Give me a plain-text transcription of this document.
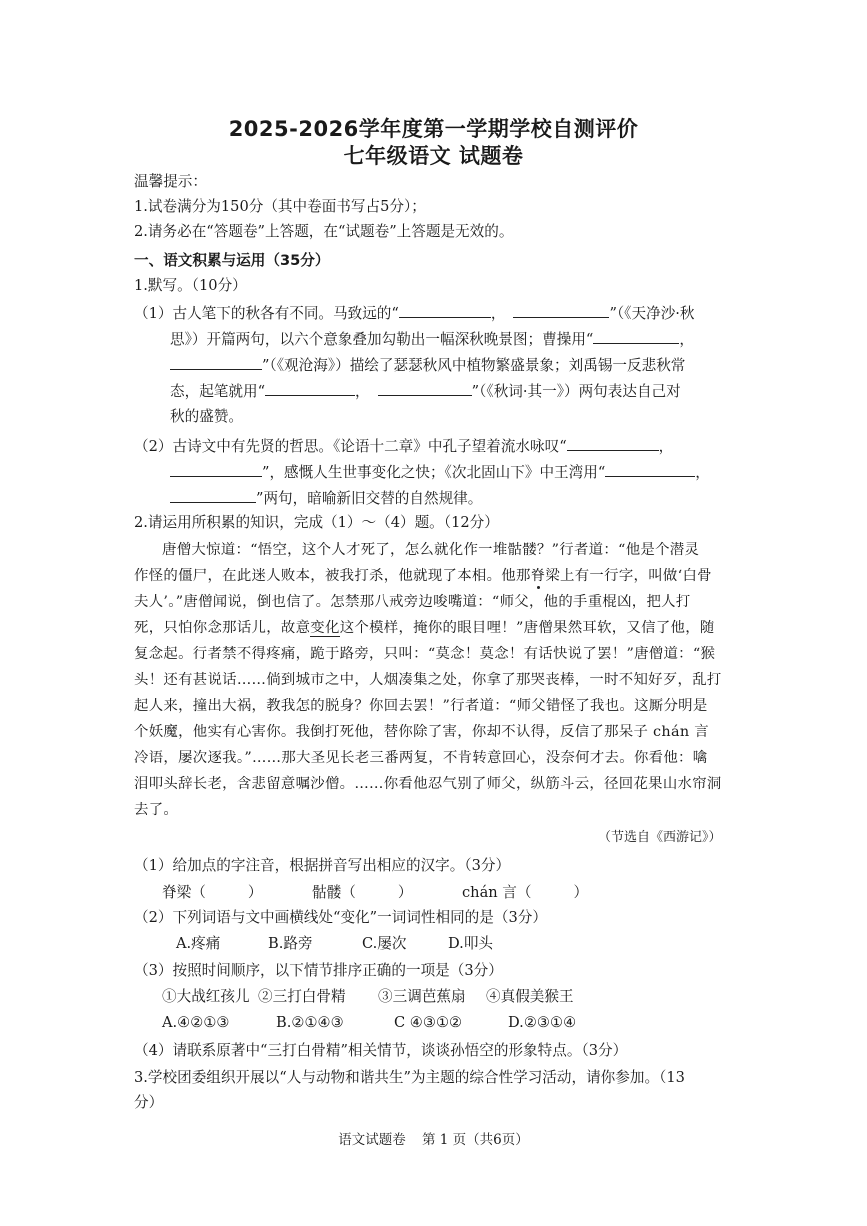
2025-2026学年度第一学期学校自测评价
七年级语文 试题卷
温馨提示：
1.试卷满分为150分（其中卷面书写占5分）；
2.请务必在“答题卷”上答题，在“试题卷”上答题是无效的。
一、语文积累与运用（35分）
1.默写。（10分）
（1）古人笔下的秋各有不同。马致远的“	，	”（《天净沙·秋
思》）开篇两句，以六个意象叠加勾勒出一幅深秋晚景图；曹操用“	，
”（《观沧海》）描绘了瑟瑟秋风中植物繁盛景象；刘禹锡一反悲秋常
态，起笔就用“	，	”（《秋词·其一》）两句表达自己对
秋的盛赞。
（2）古诗文中有先贤的哲思。《论语十二章》中孔子望着流水咏叹“	，
”，感慨人生世事变化之快；《次北固山下》中王湾用“	，
”两句，暗喻新旧交替的自然规律。
2.请运用所积累的知识，完成（1）～（4）题。（12分）
唐僧大惊道：“悟空，这个人才死了，怎么就化作一堆骷髅？”行者道：“他是个潜灵
作怪的僵尸，在此迷人败本，被我打杀，他就现了本相。他那脊梁上有一行字，叫做‘白骨
夫人’。”唐僧闻说，倒也信了。怎禁那八戒旁边唆嘴道：“师父，他的手重棍凶，把人打
死，只怕你念那话儿，故意变化这个模样，掩你的眼目哩！”唐僧果然耳软，又信了他，随
复念起。行者禁不得疼痛，跪于路旁，只叫：“莫念！莫念！有话快说了罢！”唐僧道：“猴
头！还有甚说话……倘到城市之中，人烟凑集之处，你拿了那哭丧棒，一时不知好歹，乱打
起人来，撞出大祸，教我怎的脱身？你回去罢！”行者道：“师父错怪了我也。这厮分明是
个妖魔，他实有心害你。我倒打死他，替你除了害，你却不认得，反信了那呆子 chán 言
冷语，屡次逐我。”……那大圣见长老三番两复，不肯转意回心，没奈何才去。你看他：噙
泪叩头辞长老，含悲留意嘱沙僧。……你看他忍气别了师父，纵筋斗云，径回花果山水帘洞
去了。
（节选自《西游记》）
（1）给加点的字注音，根据拼音写出相应的汉字。（3分）
脊梁（	）	骷髅（	）	chán 言（	）
（2）下列词语与文中画横线处“变化”一词词性相同的是（3分）
A.疼痛	B.路旁	C.屡次	D.叩头
（3）按照时间顺序，以下情节排序正确的一项是（3分）
①大战红孩儿 ②三打白骨精 ③三调芭蕉扇 ④真假美猴王
A.④②①③	B.②①④③	C ④③①②	D.②③①④
（4）请联系原著中“三打白骨精”相关情节，谈谈孙悟空的形象特点。（3分）
3.学校团委组织开展以“人与动物和谐共生”为主题的综合性学习活动，请你参加。（13
分）
语文试题卷 第 1 页（共6页）
